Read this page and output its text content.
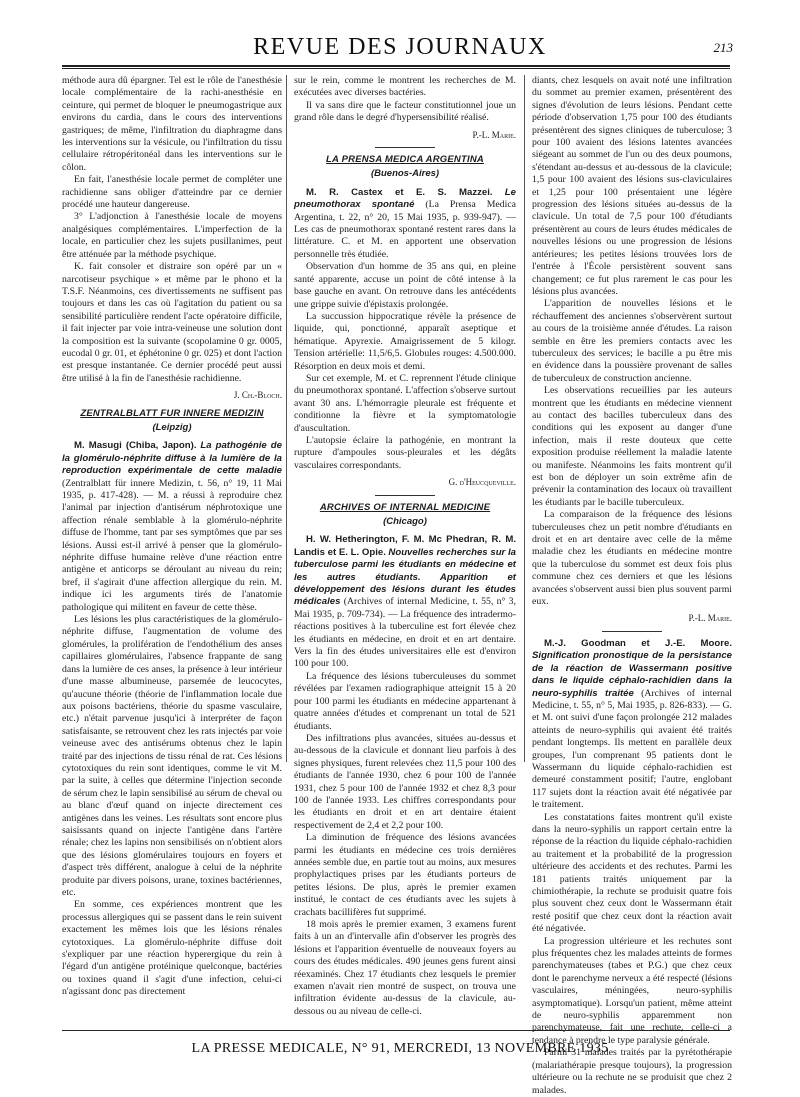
REVUE DES JOURNAUX	213

méthode aura dû épargner. Tel est le rôle de l'anesthésie locale complémentaire de la rachi-anesthésie en ceinture, qui permet de bloquer le pneumogastrique aux environs du cardia, dans le cours des interventions gastriques; de même, l'infiltration du diaphragme dans les interventions sur la vésicule, ou l'infiltration du tissu cellulaire rétropéritonéal dans les interventions sur le côlon.

En fait, l'anesthésie locale permet de compléter une rachidienne sans obliger d'atteindre par ce dernier procédé une hauteur dangereuse.

3° L'adjonction à l'anesthésie locale de moyens analgésiques complémentaires. L'imperfection de la locale, en particulier chez les sujets pusillanimes, peut être atténuée par la méthode psychique.

K. fait consoler et distraire son opéré par un « narcotiseur psychique » et même par le phono et la T.S.F. Néanmoins, ces divertissements ne suffisent pas toujours et dans les cas où l'agitation du patient ou sa sensibilité particulière rendent l'acte opératoire difficile, il fait injecter par voie intra-veineuse une solution dont la composition est la suivante (scopolamine 0 gr. 0005, eucodal 0 gr. 01, et éphétonine 0 gr. 025) et dont l'action est presque instantanée. Ce dernier procédé peut aussi être utilisé à la fin de l'anesthésie rachidienne.

J. Ch.-Bloch.
ZENTRALBLATT FUR INNERE MEDIZIN
(Leipzig)

M. Masugi (Chiba, Japon). La pathogénie de la glomérulo-néphrite diffuse à la lumière de la reproduction expérimentale de cette maladie (Zentralblatt für innere Medizin, t. 56, n° 19, 11 Mai 1935, p. 417-428). — M. a réussi à reproduire chez l'animal par injection d'antisérum néphrotoxique une affection rénale semblable à la glomérulo-néphrite diffuse de l'homme, tant par ses symptômes que par ses lésions. Aussi est-il arrivé à penser que la glomérulo-néphrite diffuse humaine relève d'une réaction entre antigène et anticorps se déroulant au niveau du rein; bref, il s'agirait d'une affection allergique du rein. M. indique ici les arguments tirés de l'anatomie pathologique qui militent en faveur de cette thèse.

Les lésions les plus caractéristiques de la glomérulo-néphrite diffuse, l'augmentation de volume des glomérules, la prolifération de l'endothélium des anses capillaires glomérulaires, l'absence frappante de sang dans la lumière de ces anses, la présence à leur intérieur d'une masse albumineuse, parsemée de leucocytes, qu'aucune théorie (théorie de l'inflammation locale due aux poisons bactériens, théorie du spasme vasculaire, etc.) n'était parvenue jusqu'ici à interpréter de façon satisfaisante, se retrouvent chez les rats injectés par voie veineuse avec des antisérums obtenus chez le lapin traité par des injections de tissu rénal de rat. Ces lésions cytotoxiques du rein sont identiques, comme le vit M. par la suite, à celles que détermine l'injection seconde de sérum chez le lapin sensibilisé au sérum de cheval ou au blanc d'œuf quand on injecte directement ces antigènes dans les veines. Les résultats sont encore plus saisissants quand on injecte l'antigène dans l'artère rénale; chez les lapins non sensibilisés on n'obtient alors que des lésions glomérulaires toujours en foyers et d'aspect très différent, analogue à celui de la néphrite produite par divers poisons, urane, toxines bactériennes, etc.

En somme, ces expériences montrent que les processus allergiques qui se passent dans le rein suivent exactement les mêmes lois que les lésions rénales cytotoxiques. La glomérulo-néphrite diffuse doit s'expliquer par une réaction hyperergique du rein à l'égard d'un antigène protéinique quelconque, bactéries ou toxines quand il s'agit d'une infection, celui-ci n'agissant donc pas directement

sur le rein, comme le montrent les recherches de M. exécutées avec diverses bactéries.

Il va sans dire que le facteur constitutionnel joue un grand rôle dans le degré d'hypersensibilité réalisé.

P.-L. Marie.
LA PRENSA MEDICA ARGENTINA
(Buenos-Aires)

M. R. Castex et E. S. Mazzei. Le pneumothorax spontané (La Prensa Medica Argentina, t. 22, n° 20, 15 Mai 1935, p. 939-947). — Les cas de pneumothorax spontané restent rares dans la littérature. C. et M. en apportent une observation personnelle très étudiée.

Observation d'un homme de 35 ans qui, en pleine santé apparente, accuse un point de côté intense à la base gauche en avant. On retrouve dans les antécédents une grippe suivie d'épistaxis prolongée.

La succussion hippocratique révèle la présence de liquide, qui, ponctionné, apparaît aseptique et hématique. Apyrexie. Amaigrissement de 5 kilogr. Tension artérielle: 11,5/6,5. Globules rouges: 4.500.000. Résorption en deux mois et demi.

Sur cet exemple, M. et C. reprennent l'étude clinique du pneumothorax spontané. L'affection s'observe surtout avant 30 ans. L'hémorragie pleurale est fréquente et conditionne la fièvre et la symptomatologie d'auscultation.

L'autopsie éclaire la pathogénie, en montrant la rupture d'ampoules sous-pleurales et les dégâts vasculaires correspondants.

G. d'Heucqueville.
ARCHIVES OF INTERNAL MEDICINE
(Chicago)

H. W. Hetherington, F. M. Mc Phedran, R. M. Landis et E. L. Opie. Nouvelles recherches sur la tuberculose parmi les étudiants en médecine et les autres étudiants. Apparition et développement des lésions durant les études médicales (Archives of internal Medicine, t. 55, n° 3, Mai 1935, p. 709-734). — La fréquence des intradermo-réactions positives à la tuberculine est fort élevée chez les étudiants en médecine, en droit et en art dentaire. Vers la fin des études universitaires elle est d'environ 100 pour 100.

La fréquence des lésions tuberculeuses du sommet révélées par l'examen radiographique atteignit 15 à 20 pour 100 parmi les étudiants en médecine appartenant à quatre années d'études et comprenant un total de 521 étudiants.

Des infiltrations plus avancées, situées au-dessus et au-dessous de la clavicule et donnant lieu parfois à des signes physiques, furent relevées chez 11,5 pour 100 des étudiants de l'année 1930, chez 6 pour 100 de l'année 1931, chez 5 pour 100 de l'année 1932 et chez 8,3 pour 100 de l'année 1933. Les chiffres correspondants pour les étudiants en droit et en art dentaire étaient respectivement de 2,4 et 2,2 pour 100.

La diminution de fréquence des lésions avancées parmi les étudiants en médecine ces trois dernières années semble due, en partie tout au moins, aux mesures prophylactiques prises par les étudiants porteurs de petites lésions. De plus, après le premier examen institué, le contact de ces étudiants avec les sujets à crachats bacillifères fut supprimé.

18 mois après le premier examen, 3 examens furent faits à un an d'intervalle afin d'observer les progrès des lésions et l'apparition éventuelle de nouveaux foyers au cours des études médicales. 490 jeunes gens furent ainsi réexaminés. Chez 17 étudiants chez lesquels le premier examen n'avait rien montré de suspect, on trouva une infiltration évidente au-dessus de la clavicule, au-dessous ou au niveau de celle-ci.

diants, chez lesquels on avait noté une infiltration du sommet au premier examen, présentèrent des signes d'évolution de leurs lésions. Pendant cette période d'observation 1,75 pour 100 des étudiants présentèrent des signes cliniques de tuberculose; 3 pour 100 avaient des lésions latentes avancées siégeant au sommet de l'un ou des deux poumons, s'étendant au-dessus et au-dessous de la clavicule; 1,5 pour 100 avaient des lésions sus-claviculaires et 1,25 pour 100 présentaient une légère progression des lésions situées au-dessus de la clavicule. Un total de 7,5 pour 100 d'étudiants présentèrent au cours de leurs études médicales de nouvelles lésions ou une progression de lésions antérieures; les petites lésions trouvées lors de l'entrée à l'École persistèrent souvent sans changement; ce fut plus rarement le cas pour les lésions plus avancées.

L'apparition de nouvelles lésions et le réchauffement des anciennes s'observèrent surtout au cours de la troisième année d'études. La raison semble en être les premiers contacts avec les tuberculeux des services; le bacille a pu être mis en évidence dans la poussière provenant de salles de tuberculeux de construction ancienne.

Les observations recueillies par les auteurs montrent que les étudiants en médecine viennent au contact des bacilles tuberculeux dans des conditions qui les exposent au danger d'une infection, mais il reste douteux que cette exposition produise réellement la maladie latente ou manifeste. Néanmoins les faits montrent qu'il est bon de déployer un soin extrême afin de prévenir la contamination des locaux où travaillent les étudiants par le bacille tuberculeux.

La comparaison de la fréquence des lésions tuberculeuses chez un petit nombre d'étudiants en droit et en art dentaire avec celle de la même maladie chez les étudiants en médecine montre que la tuberculose du sommet est deux fois plus commune chez ces derniers et que les lésions avancées s'observent aussi bien plus souvent parmi eux.

P.-L. Marie.

M.-J. Goodman et J.-E. Moore. Signification pronostique de la persistance de la réaction de Wassermann positive dans le liquide céphalo-rachidien dans la neuro-syphilis traitée (Archives of internal Medicine, t. 55, n° 5, Mai 1935, p. 826-833). — G. et M. ont suivi d'une façon prolongée 212 malades atteints de neuro-syphilis qui avaient été traités pendant longtemps. Ils mettent en parallèle deux groupes, l'un comprenant 95 patients dont le Wassermann du liquide céphalo-rachidien est demeuré constamment positif; l'autre, englobant 117 sujets dont la réaction avait été négativée par le traitement.

Les constatations faites montrent qu'il existe dans la neuro-syphilis un rapport certain entre la réponse de la réaction du liquide céphalo-rachidien au traitement et la probabilité de la progression ultérieure des accidents et des rechutes. Parmi les 181 patients traités uniquement par la chimiothérapie, la rechute se produisit quatre fois plus souvent chez ceux dont le Wassermann était resté positif que chez ceux dont la réaction avait été négativée.

La progression ultérieure et les rechutes sont plus fréquentes chez les malades atteints de formes parenchymateuses (tabes et P.G.) que chez ceux dont le parenchyme nerveux a été respecté (lésions vasculaires, méningées, neuro-syphilis asymptomatique). Lorsqu'un patient, même atteint de neuro-syphilis apparemment non parenchymateuse, fait une rechute, celle-ci a tendance à prendre le type paralysie générale.

Parmi 31 malades traités par la pyrétothérapie (malariathérapie presque toujours), la progression ultérieure ou la rechute ne se produisit que chez 2 malades.

LA PRESSE MEDICALE, N° 91, MERCREDI, 13 NOVEMBRE 1935
